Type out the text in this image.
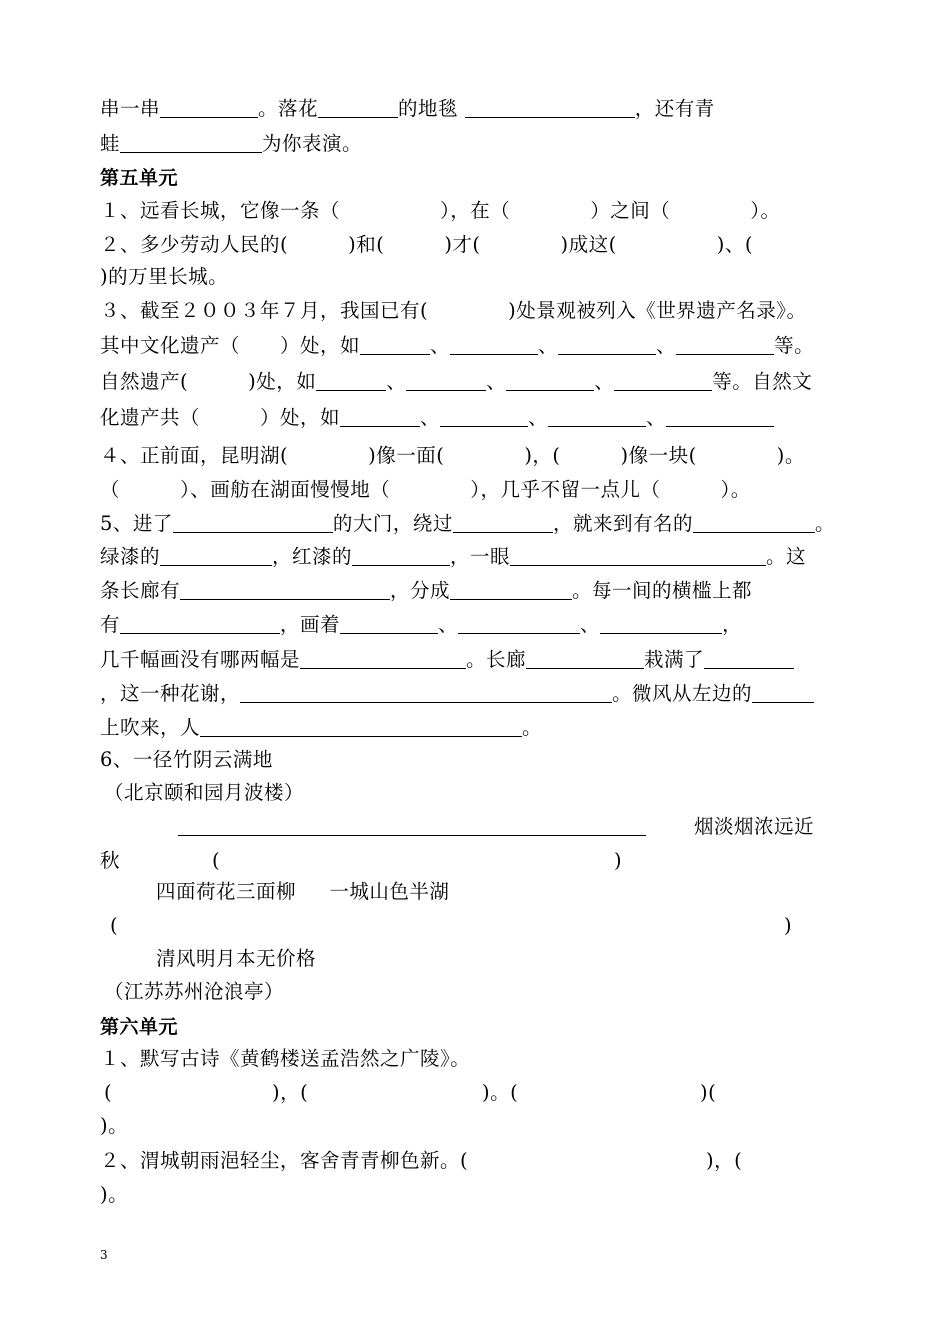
串一串	。落花	的地毯	，还有青
蛙	为你表演。
第五单元
１、远看长城，它像一条（　　　　　），在（　　　　）之间（　　　　）。
２、多少劳动人民的(　　　)和(　　　)才(　　　　)成这(　　　　　)、(
)的万里长城。
３、截至２００３年７月，我国已有(　　　　)处景观被列入《世界遗产名录》。
其中文化遗产（　　）处，如	、	、	、	等。
自然遗产(　　　)处，如	、	、	、	等。自然文
化遗产共（　　　）处，如	、	、	、
４、正前面，昆明湖(　　　　)像一面(　　　　)，(　　　)像一块(　　　　)。
（　　　）、画舫在湖面慢慢地（　　　　），几乎不留一点儿（　　　）。
5、进了	的大门，绕过	，就来到有名的	。
绿漆的	，红漆的	，一眼	。这
条长廊有	，分成	。每一间的横槛上都
有	，画着	、	、	，
几千幅画没有哪两幅是	。长廊	栽满了
，这一种花谢，	。微风从左边的
上吹来，人	。
6、一径竹阴云满地
（北京颐和园月波楼）
烟淡烟浓远近
秋	(	)
四面荷花三面柳　  一城山色半湖
(	)
清风明月本无价格
（江苏苏州沧浪亭）
第六单元
１、默写古诗《黄鹤楼送孟浩然之广陵》。
(	)，(	)。(	)(
)。
２、渭城朝雨浥轻尘，客舍青青柳色新。(	)，(
)。
3
